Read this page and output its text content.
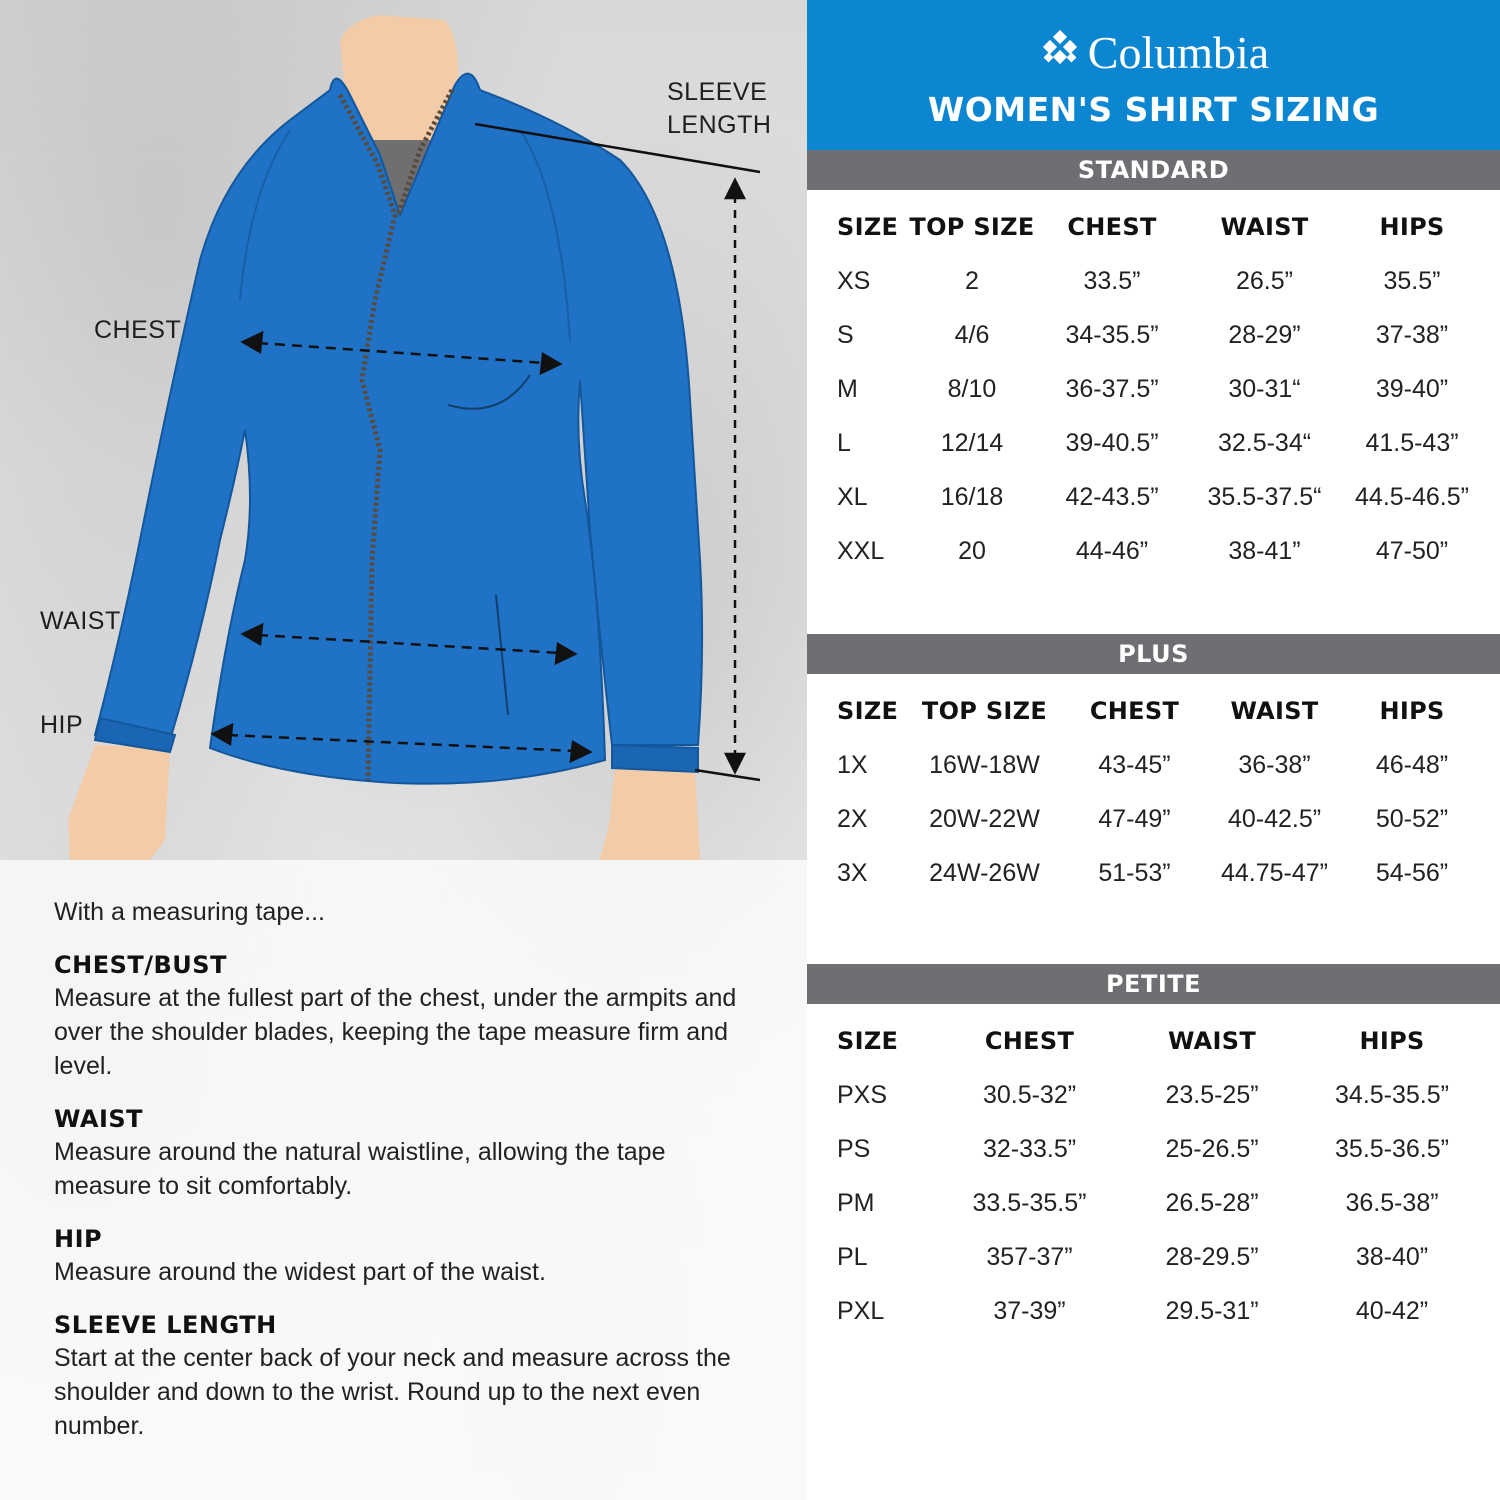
SLEEVE
LENGTH
CHEST
WAIST
HIP
With a measuring tape...
CHEST/BUST

Measure at the fullest part of the chest, under the armpits and over the shoulder blades, keeping the tape measure firm and level.

WAIST

Measure around the natural waistline, allowing the tape measure to sit comfortably.

HIP

Measure around the widest part of the waist.

SLEEVE LENGTH

Start at the center back of your neck and measure across the shoulder and down to the wrist. Round up to the next even number.

Columbia
WOMEN'S SHIRT SIZING
STANDARD
SIZE	TOP SIZE	CHEST	WAIST	HIPS
XS	2	33.5”	26.5”	35.5”
S	4/6	34-35.5”	28-29”	37-38”
M	8/10	36-37.5”	30-31“	39-40”
L	12/14	39-40.5”	32.5-34“	41.5-43”
XL	16/18	42-43.5”	35.5-37.5“	44.5-46.5”
XXL	20	44-46”	38-41”	47-50”
PLUS
SIZE	TOP SIZE	CHEST	WAIST	HIPS
1X	16W-18W	43-45”	36-38”	46-48”
2X	20W-22W	47-49”	40-42.5”	50-52”
3X	24W-26W	51-53”	44.75-47”	54-56”
PETITE
SIZE	CHEST	WAIST	HIPS
PXS	30.5-32”	23.5-25”	34.5-35.5”
PS	32-33.5”	25-26.5”	35.5-36.5”
PM	33.5-35.5”	26.5-28”	36.5-38”
PL	357-37”	28-29.5”	38-40”
PXL	37-39”	29.5-31”	40-42”
